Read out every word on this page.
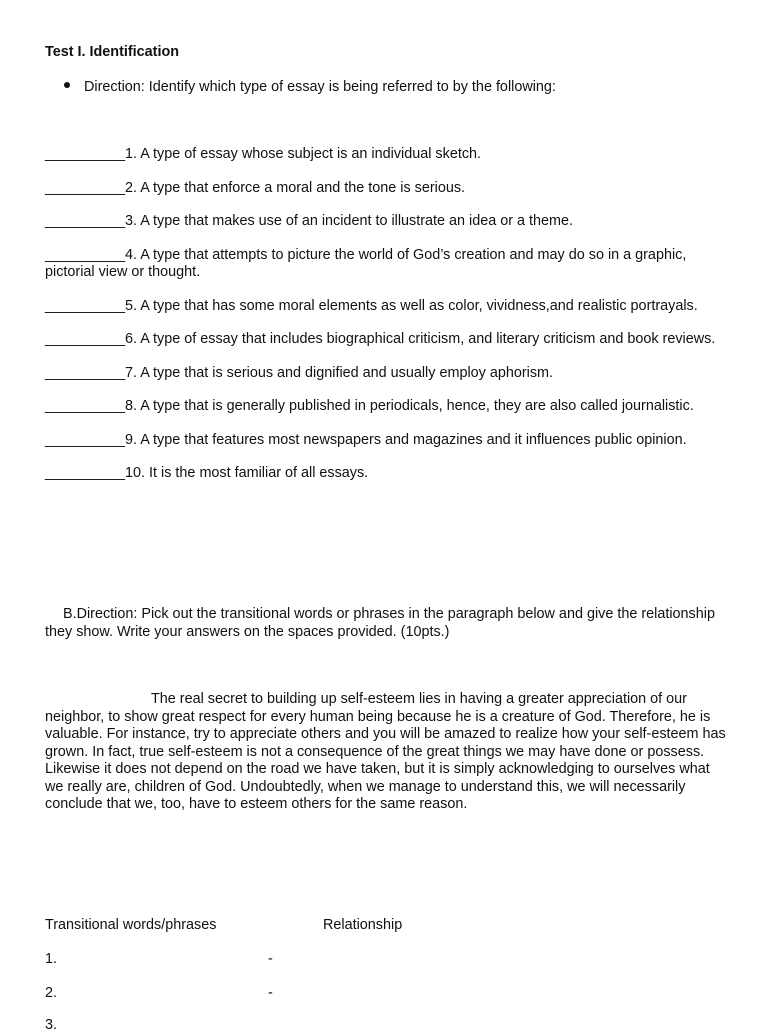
Test I. Identification
Direction: Identify which type of essay is being referred to by the following:
__________1. A type of essay whose subject is an individual sketch.
__________2. A type that enforce a moral and the tone is serious.
__________3. A type that makes use of an incident to illustrate an idea or a theme.
__________4. A type that attempts to picture the world of God’s creation and may do so in a graphic, pictorial view or thought.
__________5. A type that has some moral elements as well as color, vividness,and realistic portrayals.
__________6. A type of essay that includes biographical criticism, and literary criticism and book reviews.
__________7. A type that is serious and dignified and usually employ aphorism.
__________8. A type that is generally published in periodicals, hence, they are also called journalistic.
__________9. A type that features most newspapers and magazines and it influences public opinion.
__________10. It is the most familiar of all essays.
B.Direction: Pick out the transitional words or phrases in the paragraph below and give the relationship they show. Write your answers on the spaces provided. (10pts.)
The real secret to building up self-esteem lies in having a greater appreciation of our neighbor, to show great respect for every human being because he is a creature of God. Therefore, he is valuable. For instance, try to appreciate others and you will be amazed to realize how your self-esteem has grown. In fact, true self-esteem is not a consequence of the great things we may have done or possess. Likewise it does not depend on the road we have taken, but it is simply acknowledging to ourselves what we really are, children of God. Undoubtedly, when we manage to understand this, we will necessarily conclude that we, too, have to esteem others for the same reason.
Transitional words/phrases	Relationship
1.	-
2.	-
3.
